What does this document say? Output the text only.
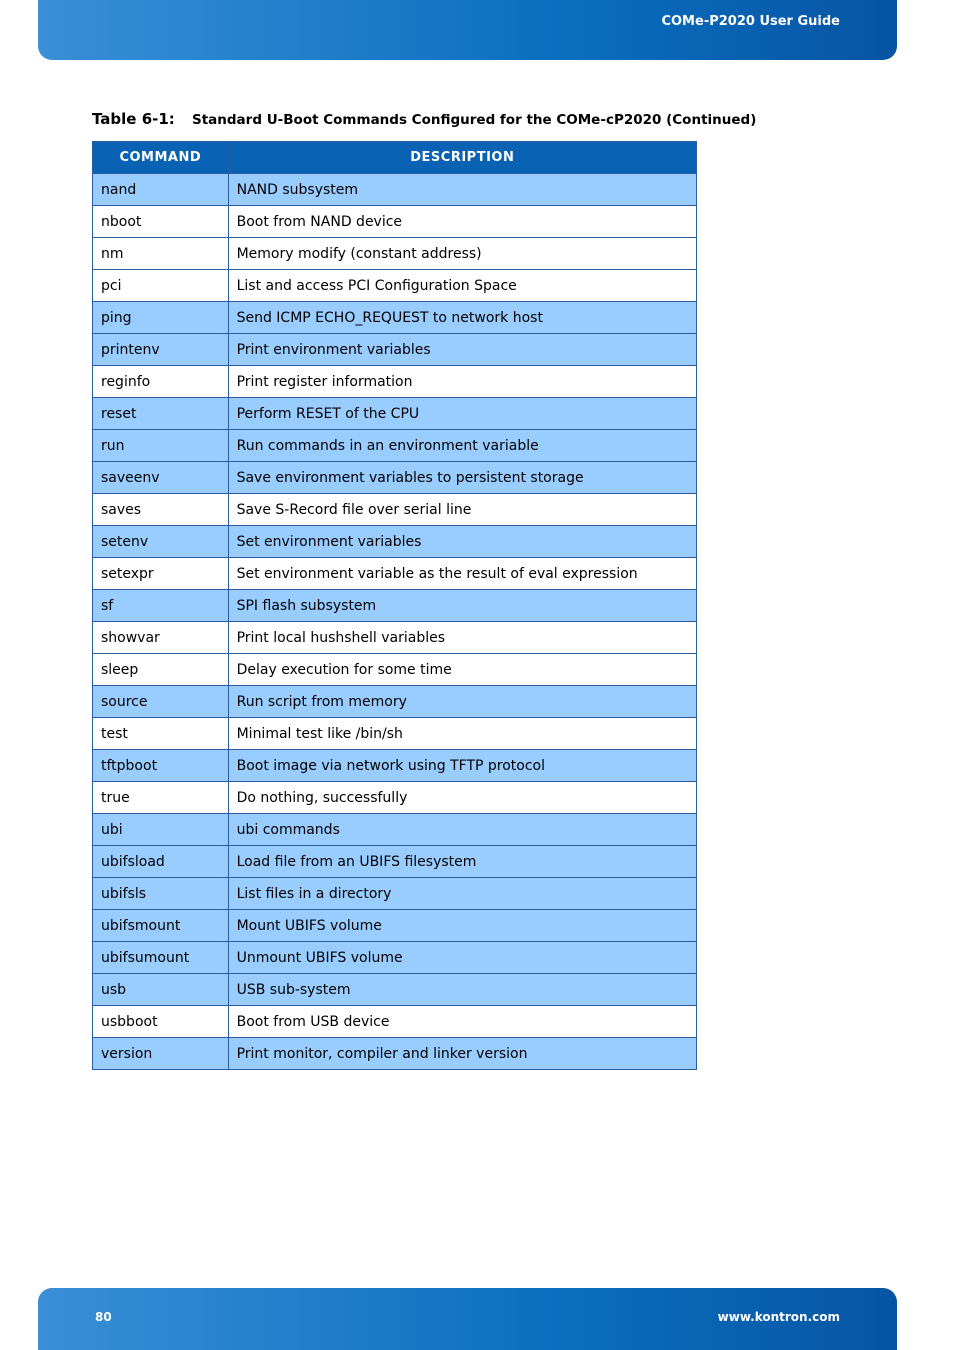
COMe-P2020 User Guide
Table 6-1: Standard U-Boot Commands Configured for the COMe-cP2020 (Continued)
COMMAND	DESCRIPTION
nand	NAND subsystem
nboot	Boot from NAND device
nm	Memory modify (constant address)
pci	List and access PCI Configuration Space
ping	Send ICMP ECHO_REQUEST to network host
printenv	Print environment variables
reginfo	Print register information
reset	Perform RESET of the CPU
run	Run commands in an environment variable
saveenv	Save environment variables to persistent storage
saves	Save S-Record file over serial line
setenv	Set environment variables
setexpr	Set environment variable as the result of eval expression
sf	SPI flash subsystem
showvar	Print local hushshell variables
sleep	Delay execution for some time
source	Run script from memory
test	Minimal test like /bin/sh
tftpboot	Boot image via network using TFTP protocol
true	Do nothing, successfully
ubi	ubi commands
ubifsload	Load file from an UBIFS filesystem
ubifsls	List files in a directory
ubifsmount	Mount UBIFS volume
ubifsumount	Unmount UBIFS volume
usb	USB sub-system
usbboot	Boot from USB device
version	Print monitor, compiler and linker version
80	www.kontron.com
